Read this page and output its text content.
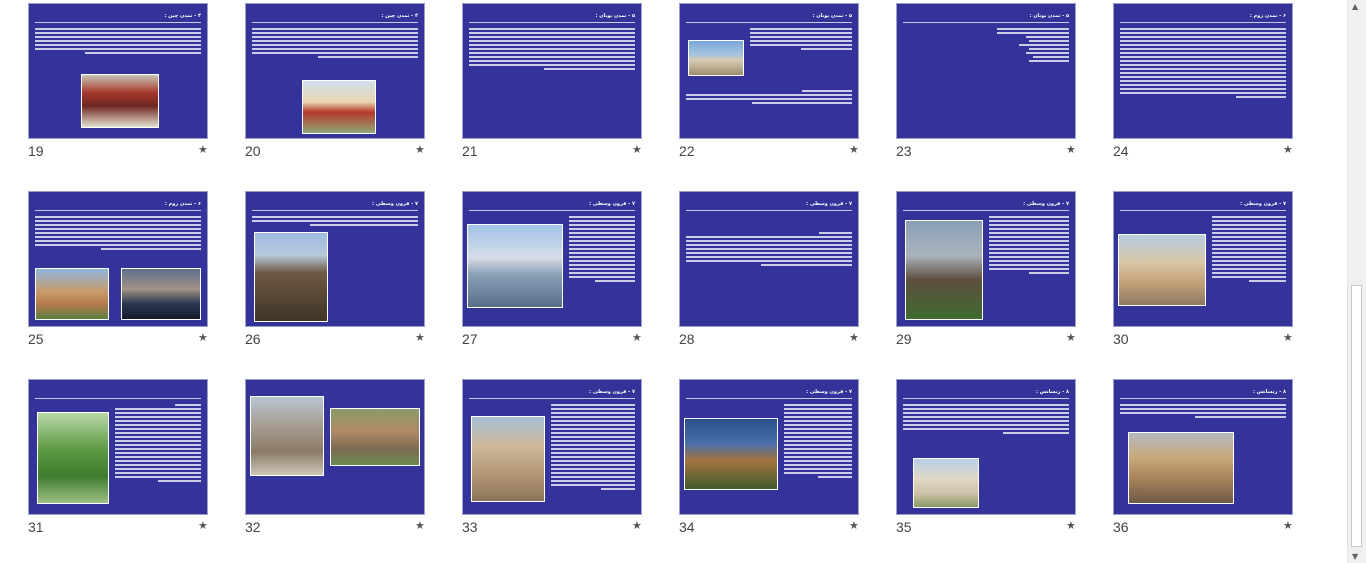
۴ - تمدن چین :
19	★
۴ - تمدن چین :
20	★
۵ - تمدن یونان :
21	★
۵ - تمدن یونان :
22	★
۵ - تمدن یونان :
23	★
۶ - تمدن روم :
24	★
۶ - تمدن روم :
25	★
۷ - قرون وسطی :
26	★
۷ - قرون وسطی :
27	★
۷ - قرون وسطی :
28	★
۷ - قرون وسطی :
29	★
۷ - قرون وسطی :
30	★
31	★	32	★
۷ - قرون وسطی :
33	★
۷ - قرون وسطی :
34	★
۸ - رنسانس :
35	★
۸ - رنسانس :
36	★
▲
▼
